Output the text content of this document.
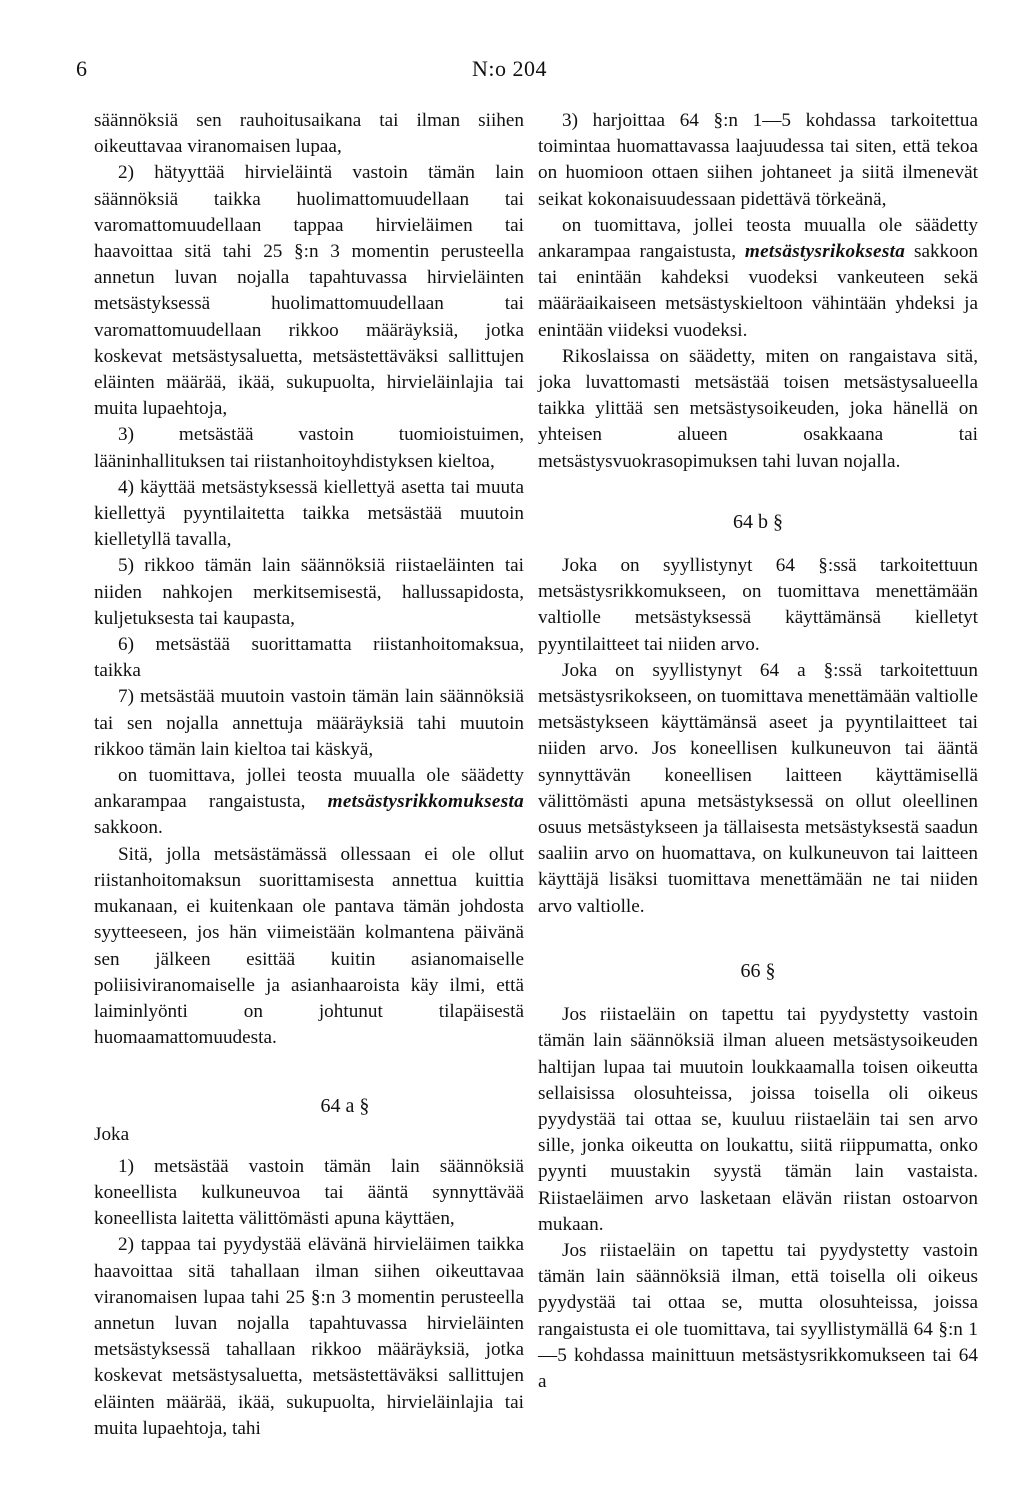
6	N:o 204

säännöksiä sen rauhoitusaikana tai ilman siihen oikeuttavaa viranomaisen lupaa,

2) hätyyttää hirvieläintä vastoin tämän lain säännöksiä taikka huolimattomuudellaan tai varomattomuudellaan tappaa hirvieläimen tai haavoittaa sitä tahi 25 §:n 3 momentin perusteella annetun luvan nojalla tapahtuvassa hirvieläinten metsästyksessä huolimattomuudellaan tai varomattomuudellaan rikkoo määräyksiä, jotka koskevat metsästysaluetta, metsästettäväksi sallittujen eläinten määrää, ikää, sukupuolta, hirvieläinlajia tai muita lupaehtoja,

3) metsästää vastoin tuomioistuimen, lääninhallituksen tai riistanhoitoyhdistyksen kieltoa,

4) käyttää metsästyksessä kiellettyä asetta tai muuta kiellettyä pyyntilaitetta taikka metsästää muutoin kielletyllä tavalla,

5) rikkoo tämän lain säännöksiä riistaeläinten tai niiden nahkojen merkitsemisestä, hallussapidosta, kuljetuksesta tai kaupasta,

6) metsästää suorittamatta riistanhoitomaksua, taikka

7) metsästää muutoin vastoin tämän lain säännöksiä tai sen nojalla annettuja määräyksiä tahi muutoin rikkoo tämän lain kieltoa tai käskyä,

on tuomittava, jollei teosta muualla ole säädetty ankarampaa rangaistusta, metsästysrikkomuksesta sakkoon.

Sitä, jolla metsästämässä ollessaan ei ole ollut riistanhoitomaksun suorittamisesta annettua kuittia mukanaan, ei kuitenkaan ole pantava tämän johdosta syytteeseen, jos hän viimeistään kolmantena päivänä sen jälkeen esittää kuitin asianomaiselle poliisiviranomaiselle ja asianhaaroista käy ilmi, että laiminlyönti on johtunut tilapäisestä huomaamattomuudesta.

64 a §

Joka

1) metsästää vastoin tämän lain säännöksiä koneellista kulkuneuvoa tai ääntä synnyttävää koneellista laitetta välittömästi apuna käyttäen,

2) tappaa tai pyydystää elävänä hirvieläimen taikka haavoittaa sitä tahallaan ilman siihen oikeuttavaa viranomaisen lupaa tahi 25 §:n 3 momentin perusteella annetun luvan nojalla tapahtuvassa hirvieläinten metsästyksessä tahallaan rikkoo määräyksiä, jotka koskevat metsästysaluetta, metsästettäväksi sallittujen eläinten määrää, ikää, sukupuolta, hirvieläinlajia tai muita lupaehtoja, tahi

3) harjoittaa 64 §:n 1—5 kohdassa tarkoitettua toimintaa huomattavassa laajuudessa tai siten, että tekoa on huomioon ottaen siihen johtaneet ja siitä ilmenevät seikat kokonaisuudessaan pidettävä törkeänä,

on tuomittava, jollei teosta muualla ole säädetty ankarampaa rangaistusta, metsästysrikoksesta sakkoon tai enintään kahdeksi vuodeksi vankeuteen sekä määräaikaiseen metsästyskieltoon vähintään yhdeksi ja enintään viideksi vuodeksi.

Rikoslaissa on säädetty, miten on rangaistava sitä, joka luvattomasti metsästää toisen metsästysalueella taikka ylittää sen metsästysoikeuden, joka hänellä on yhteisen alueen osakkaana tai metsästysvuokrasopimuksen tahi luvan nojalla.

64 b §

Joka on syyllistynyt 64 §:ssä tarkoitettuun metsästysrikkomukseen, on tuomittava menettämään valtiolle metsästyksessä käyttämänsä kielletyt pyyntilaitteet tai niiden arvo.

Joka on syyllistynyt 64 a §:ssä tarkoitettuun metsästysrikokseen, on tuomittava menettämään valtiolle metsästykseen käyttämänsä aseet ja pyyntilaitteet tai niiden arvo. Jos koneellisen kulkuneuvon tai ääntä synnyttävän koneellisen laitteen käyttämisellä välittömästi apuna metsästyksessä on ollut oleellinen osuus metsästykseen ja tällaisesta metsästyksestä saadun saaliin arvo on huomattava, on kulkuneuvon tai laitteen käyttäjä lisäksi tuomittava menettämään ne tai niiden arvo valtiolle.

66 §

Jos riistaeläin on tapettu tai pyydystetty vastoin tämän lain säännöksiä ilman alueen metsästysoikeuden haltijan lupaa tai muutoin loukkaamalla toisen oikeutta sellaisissa olosuhteissa, joissa toisella oli oikeus pyydystää tai ottaa se, kuuluu riistaeläin tai sen arvo sille, jonka oikeutta on loukattu, siitä riippumatta, onko pyynti muustakin syystä tämän lain vastaista. Riistaeläimen arvo lasketaan elävän riistan ostoarvon mukaan.

Jos riistaeläin on tapettu tai pyydystetty vastoin tämän lain säännöksiä ilman, että toisella oli oikeus pyydystää tai ottaa se, mutta olosuhteissa, joissa rangaistusta ei ole tuomittava, tai syyllistymällä 64 §:n 1—5 kohdassa mainittuun metsästysrikkomukseen tai 64 a
